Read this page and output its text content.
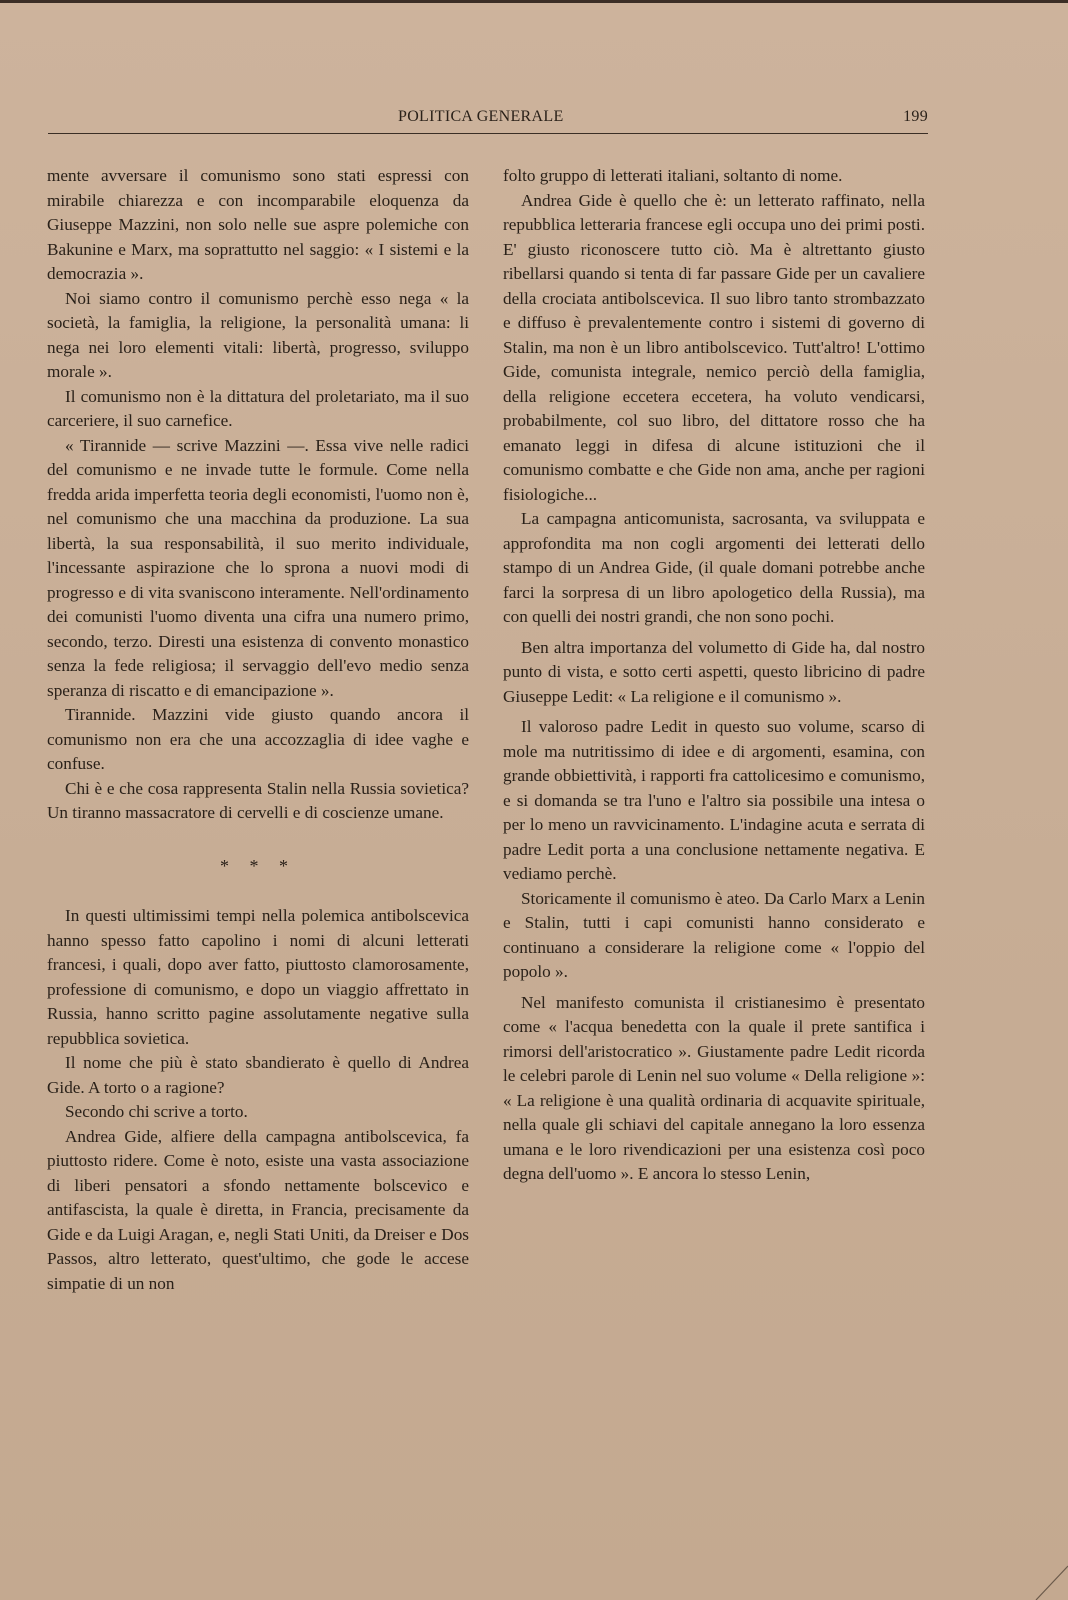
POLITICA GENERALE	199

mente avversare il comunismo sono stati espressi con mirabile chiarezza e con incomparabile eloquenza da Giuseppe Mazzini, non solo nelle sue aspre polemiche con Bakunine e Marx, ma soprattutto nel saggio: « I sistemi e la democrazia ».

Noi siamo contro il comunismo perchè esso nega « la società, la famiglia, la religione, la personalità umana: li nega nei loro elementi vitali: libertà, progresso, sviluppo morale ».

Il comunismo non è la dittatura del proletariato, ma il suo carceriere, il suo carnefice.

« Tirannide — scrive Mazzini —. Essa vive nelle radici del comunismo e ne invade tutte le formule. Come nella fredda arida imperfetta teoria degli economisti, l'uomo non è, nel comunismo che una macchina da produzione. La sua libertà, la sua responsabilità, il suo merito individuale, l'incessante aspirazione che lo sprona a nuovi modi di progresso e di vita svaniscono interamente. Nell'ordinamento dei comunisti l'uomo diventa una cifra una numero primo, secondo, terzo. Diresti una esistenza di convento monastico senza la fede religiosa; il servaggio dell'evo medio senza speranza di riscatto e di emancipazione ».

Tirannide. Mazzini vide giusto quando ancora il comunismo non era che una accozzaglia di idee vaghe e confuse.

Chi è e che cosa rappresenta Stalin nella Russia sovietica? Un tiranno massacratore di cervelli e di coscienze umane.

* * *

In questi ultimissimi tempi nella polemica antibolscevica hanno spesso fatto capolino i nomi di alcuni letterati francesi, i quali, dopo aver fatto, piuttosto clamorosamente, professione di comunismo, e dopo un viaggio affrettato in Russia, hanno scritto pagine assolutamente negative sulla repubblica sovietica.

Il nome che più è stato sbandierato è quello di Andrea Gide. A torto o a ragione?

Secondo chi scrive a torto.

Andrea Gide, alfiere della campagna antibolscevica, fa piuttosto ridere. Come è noto, esiste una vasta associazione di liberi pensatori a sfondo nettamente bolscevico e antifascista, la quale è diretta, in Francia, precisamente da Gide e da Luigi Aragan, e, negli Stati Uniti, da Dreiser e Dos Passos, altro letterato, quest'ultimo, che gode le accese simpatie di un non

folto gruppo di letterati italiani, soltanto di nome.

Andrea Gide è quello che è: un letterato raffinato, nella repubblica letteraria francese egli occupa uno dei primi posti. E' giusto riconoscere tutto ciò. Ma è altrettanto giusto ribellarsi quando si tenta di far passare Gide per un cavaliere della crociata antibolscevica. Il suo libro tanto strombazzato e diffuso è prevalentemente contro i sistemi di governo di Stalin, ma non è un libro antibolscevico. Tutt'altro! L'ottimo Gide, comunista integrale, nemico perciò della famiglia, della religione eccetera eccetera, ha voluto vendicarsi, probabilmente, col suo libro, del dittatore rosso che ha emanato leggi in difesa di alcune istituzioni che il comunismo combatte e che Gide non ama, anche per ragioni fisiologiche...

La campagna anticomunista, sacrosanta, va sviluppata e approfondita ma non cogli argomenti dei letterati dello stampo di un Andrea Gide, (il quale domani potrebbe anche farci la sorpresa di un libro apologetico della Russia), ma con quelli dei nostri grandi, che non sono pochi.

Ben altra importanza del volumetto di Gide ha, dal nostro punto di vista, e sotto certi aspetti, questo libricino di padre Giuseppe Ledit: « La religione e il comunismo ».

Il valoroso padre Ledit in questo suo volume, scarso di mole ma nutritissimo di idee e di argomenti, esamina, con grande obbiettività, i rapporti fra cattolicesimo e comunismo, e si domanda se tra l'uno e l'altro sia possibile una intesa o per lo meno un ravvicinamento. L'indagine acuta e serrata di padre Ledit porta a una conclusione nettamente negativa. E vediamo perchè.

Storicamente il comunismo è ateo. Da Carlo Marx a Lenin e Stalin, tutti i capi comunisti hanno considerato e continuano a considerare la religione come « l'oppio del popolo ».

Nel manifesto comunista il cristianesimo è presentato come « l'acqua benedetta con la quale il prete santifica i rimorsi dell'aristocratico ». Giustamente padre Ledit ricorda le celebri parole di Lenin nel suo volume « Della religione »: « La religione è una qualità ordinaria di acquavite spirituale, nella quale gli schiavi del capitale annegano la loro essenza umana e le loro rivendicazioni per una esistenza così poco degna dell'uomo ». E ancora lo stesso Lenin,
